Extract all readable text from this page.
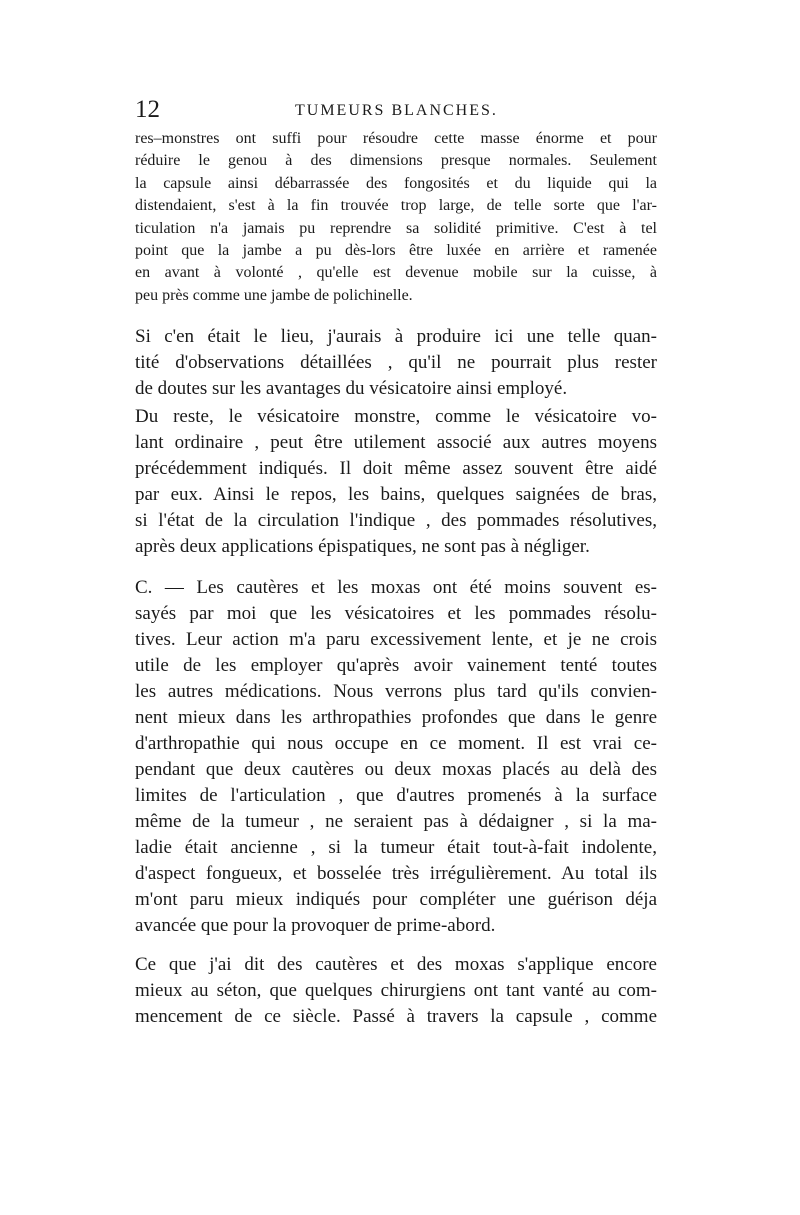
12	TUMEURS BLANCHES.
res–monstres ont suffi pour résoudre cette masse énorme et pour
réduire le genou à des dimensions presque normales. Seulement
la capsule ainsi débarrassée des fongosités et du liquide qui la
distendaient, s'est à la fin trouvée trop large, de telle sorte que l'ar-
ticulation n'a jamais pu reprendre sa solidité primitive. C'est à tel
point que la jambe a pu dès-lors être luxée en arrière et ramenée
en avant à volonté , qu'elle est devenue mobile sur la cuisse, à
peu près comme une jambe de polichinelle.
Si c'en était le lieu, j'aurais à produire ici une telle quan-
tité d'observations détaillées , qu'il ne pourrait plus rester
de doutes sur les avantages du vésicatoire ainsi employé.
Du reste, le vésicatoire monstre, comme le vésicatoire vo-
lant ordinaire , peut être utilement associé aux autres moyens
précédemment indiqués. Il doit même assez souvent être aidé
par eux. Ainsi le repos, les bains, quelques saignées de bras,
si l'état de la circulation l'indique , des pommades résolutives,
après deux applications épispatiques, ne sont pas à négliger.
C. — Les cautères et les moxas ont été moins souvent es-
sayés par moi que les vésicatoires et les pommades résolu-
tives. Leur action m'a paru excessivement lente, et je ne crois
utile de les employer qu'après avoir vainement tenté toutes
les autres médications. Nous verrons plus tard qu'ils convien-
nent mieux dans les arthropathies profondes que dans le genre
d'arthropathie qui nous occupe en ce moment. Il est vrai ce-
pendant que deux cautères ou deux moxas placés au delà des
limites de l'articulation , que d'autres promenés à la surface
même de la tumeur , ne seraient pas à dédaigner , si la ma-
ladie était ancienne , si la tumeur était tout-à-fait indolente,
d'aspect fongueux, et bosselée très irrégulièrement. Au total ils
m'ont paru mieux indiqués pour compléter une guérison déja
avancée que pour la provoquer de prime-abord.
Ce que j'ai dit des cautères et des moxas s'applique encore
mieux au séton, que quelques chirurgiens ont tant vanté au com-
mencement de ce siècle. Passé à travers la capsule , comme
